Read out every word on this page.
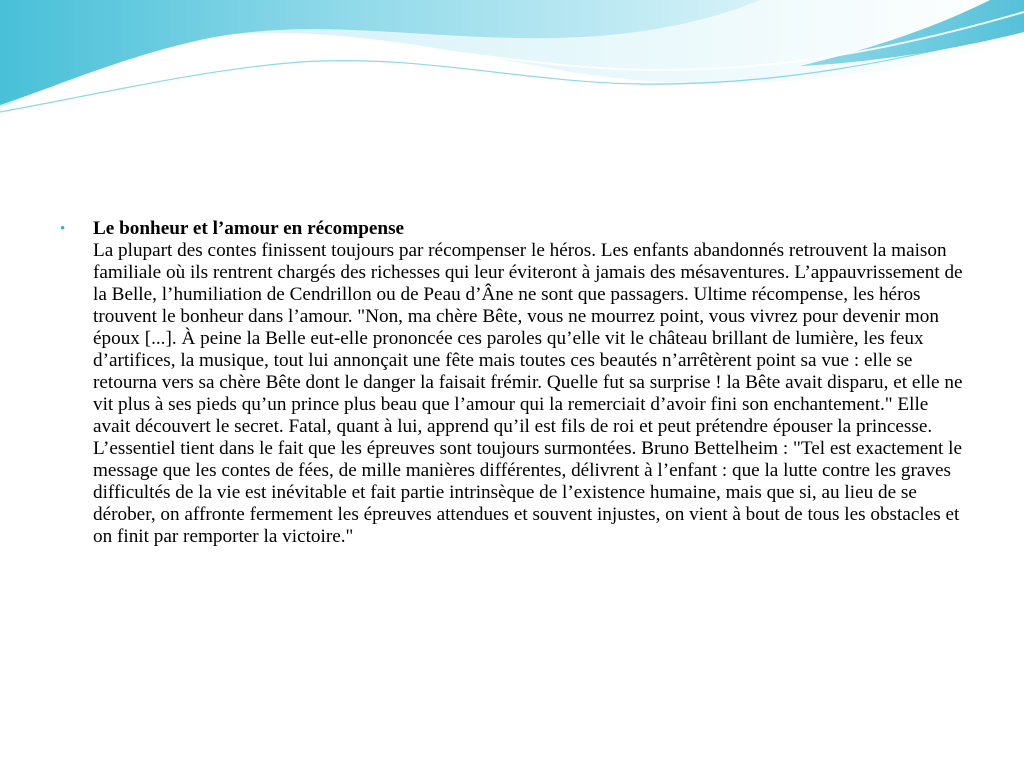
•	Le bonheur et l’amour en récompense
La plupart des contes finissent toujours par récompenser le héros. Les enfants abandonnés retrouvent la maison familiale où ils rentrent chargés des richesses qui leur éviteront à jamais des mésaventures. L’appauvrissement de la Belle, l’humiliation de Cendrillon ou de Peau d’Âne ne sont que passagers. Ultime récompense, les héros trouvent le bonheur dans l’amour. "Non, ma chère Bête, vous ne mourrez point, vous vivrez pour devenir mon époux [...]. À peine la Belle eut-elle prononcée ces paroles qu’elle vit le château brillant de lumière, les feux d’artifices, la musique, tout lui annonçait une fête mais toutes ces beautés n’arrêtèrent point sa vue : elle se retourna vers sa chère Bête dont le danger la faisait frémir. Quelle fut sa surprise ! la Bête avait disparu, et elle ne vit plus à ses pieds qu’un prince plus beau que l’amour qui la remerciait d’avoir fini son enchantement." Elle avait découvert le secret. Fatal, quant à lui, apprend qu’il est fils de roi et peut prétendre épouser la princesse.
L’essentiel tient dans le fait que les épreuves sont toujours surmontées. Bruno Bettelheim : "Tel est exactement le message que les contes de fées, de mille manières différentes, délivrent à l’enfant : que la lutte contre les graves difficultés de la vie est inévitable et fait partie intrinsèque de l’existence humaine, mais que si, au lieu de se dérober, on affronte fermement les épreuves attendues et souvent injustes, on vient à bout de tous les obstacles et on finit par remporter la victoire."
